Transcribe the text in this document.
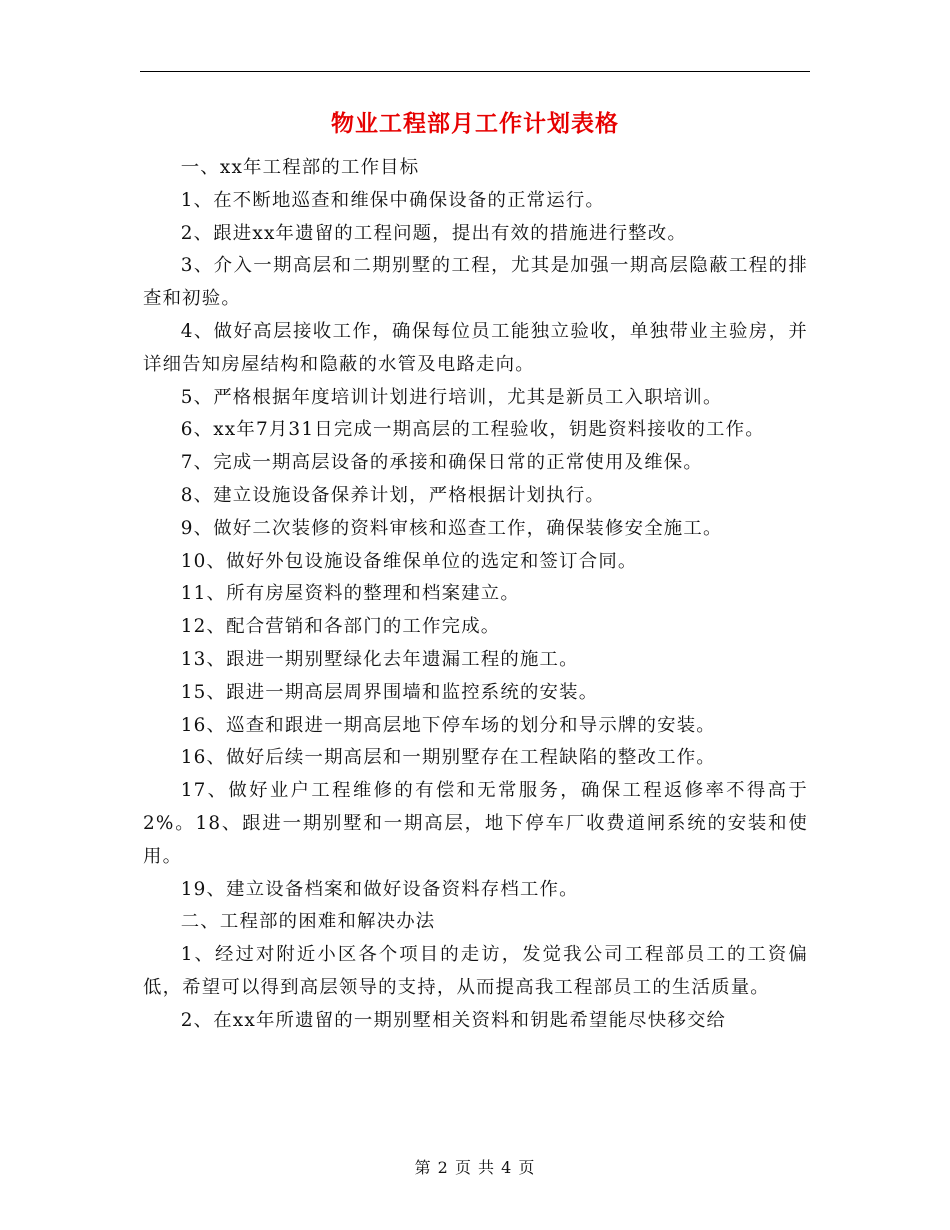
物业工程部月工作计划表格

一、xx年工程部的工作目标

1、在不断地巡查和维保中确保设备的正常运行。

2、跟进xx年遗留的工程问题，提出有效的措施进行整改。

3、介入一期高层和二期别墅的工程，尤其是加强一期高层隐蔽工程的排查和初验。

4、做好高层接收工作，确保每位员工能独立验收，单独带业主验房，并详细告知房屋结构和隐蔽的水管及电路走向。

5、严格根据年度培训计划进行培训，尤其是新员工入职培训。

6、xx年7月31日完成一期高层的工程验收，钥匙资料接收的工作。

7、完成一期高层设备的承接和确保日常的正常使用及维保。

8、建立设施设备保养计划，严格根据计划执行。

9、做好二次装修的资料审核和巡查工作，确保装修安全施工。

10、做好外包设施设备维保单位的选定和签订合同。

11、所有房屋资料的整理和档案建立。

12、配合营销和各部门的工作完成。

13、跟进一期别墅绿化去年遗漏工程的施工。

15、跟进一期高层周界围墙和监控系统的安装。

16、巡查和跟进一期高层地下停车场的划分和导示牌的安装。

16、做好后续一期高层和一期别墅存在工程缺陷的整改工作。

17、做好业户工程维修的有偿和无常服务，确保工程返修率不得高于2%。18、跟进一期别墅和一期高层，地下停车厂收费道闸系统的安装和使用。

19、建立设备档案和做好设备资料存档工作。

二、工程部的困难和解决办法

1、经过对附近小区各个项目的走访，发觉我公司工程部员工的工资偏低，希望可以得到高层领导的支持，从而提高我工程部员工的生活质量。

2、在xx年所遗留的一期别墅相关资料和钥匙希望能尽快移交给

第 2 页 共 4 页
